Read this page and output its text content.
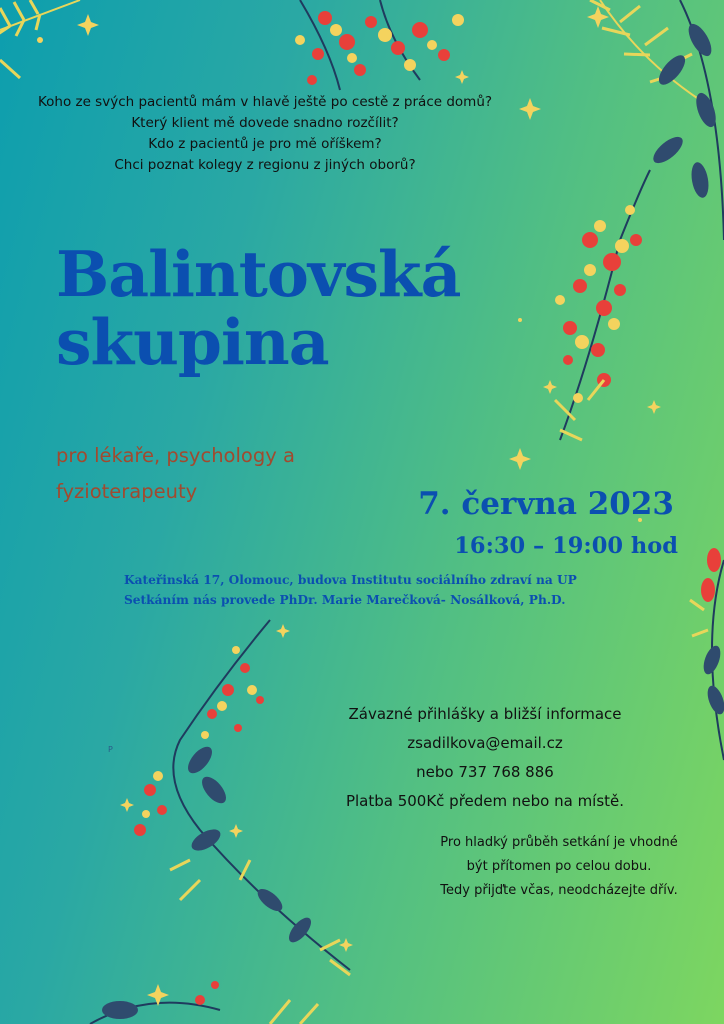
Koho ze svých pacientů mám v hlavě ještě po cestě z práce domů?
Který klient mě dovede snadno rozčílit?
Kdo z pacientů je pro mě oříškem?
Chci poznat kolegy z regionu z jiných oborů?
Balintovská
skupina
pro lékaře, psychology a fyzioterapeuty	7. června 2023
16:30 – 19:00 hod
Kateřinská 17, Olomouc, budova Institutu sociálního zdraví na UP
Setkáním nás provede PhDr. Marie Marečková- Nosálková, Ph.D.
Závazné přihlášky a bližší informace
zsadilkova@email.cz
nebo 737 768 886
Platba 500Kč předem nebo na místě.
Pro hladký průběh setkání je vhodné
být přítomen po celou dobu.
Tedy přijďte včas, neodcházejte dřív.
P
